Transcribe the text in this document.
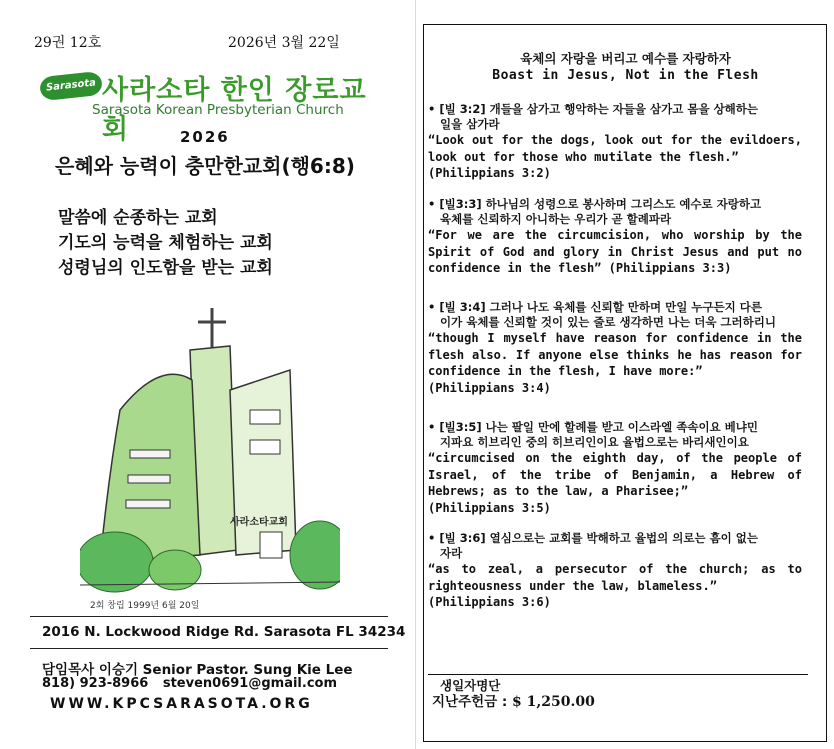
29권 12호	2026년 3월 22일
Sarasota 사라소타 한인 장로교회
Sarasota Korean Presbyterian Church
2026
은혜와 능력이 충만한교회(행6:8)
말씀에 순종하는 교회
기도의 능력을 체험하는 교회
성령님의 인도함을 받는 교회
사라소타교회
2회 창립 1999년 6월 20일
2016 N. Lockwood Ridge Rd. Sarasota FL 34234
담임목사 이승기 Senior Pastor. Sung Kie Lee
818) 923-8966 steven0691@gmail.com
WWW.KPCSARASOTA.ORG
육체의 자랑을 버리고 예수를 자랑하자
Boast in Jesus, Not in the Flesh
• [빌 3:2] 개들을 삼가고 행악하는 자들을 삼가고 몸을 상해하는
일을 삼가라
“Look out for the dogs, look out for the evildoers, look out for those who mutilate the flesh.”
(Philippians 3:2)
• [빌3:3] 하나님의 성령으로 봉사하며 그리스도 예수로 자랑하고
육체를 신뢰하지 아니하는 우리가 곧 할례파라
“For we are the circumcision, who worship by the Spirit of God and glory in Christ Jesus and put no confidence in the flesh” (Philippians 3:3)
• [빌 3:4] 그러나 나도 육체를 신뢰할 만하며 만일 누구든지 다른
이가 육체를 신뢰할 것이 있는 줄로 생각하면 나는 더욱 그러하리니
“though I myself have reason for confidence in the flesh also. If anyone else thinks he has reason for confidence in the flesh, I have more:”
(Philippians 3:4)
• [빌3:5] 나는 팔일 만에 할례를 받고 이스라엘 족속이요 베냐민
지파요 히브리인 중의 히브리인이요 율법으로는 바리새인이요
“circumcised on the eighth day, of the people of Israel, of the tribe of Benjamin, a Hebrew of Hebrews; as to the law, a Pharisee;”
(Philippians 3:5)
• [빌 3:6] 열심으로는 교회를 박해하고 율법의 의로는 흠이 없는
자라
“as to zeal, a persecutor of the church; as to righteousness under the law, blameless.”
(Philippians 3:6)
생일자명단
지난주헌금 : $ 1,250.00
